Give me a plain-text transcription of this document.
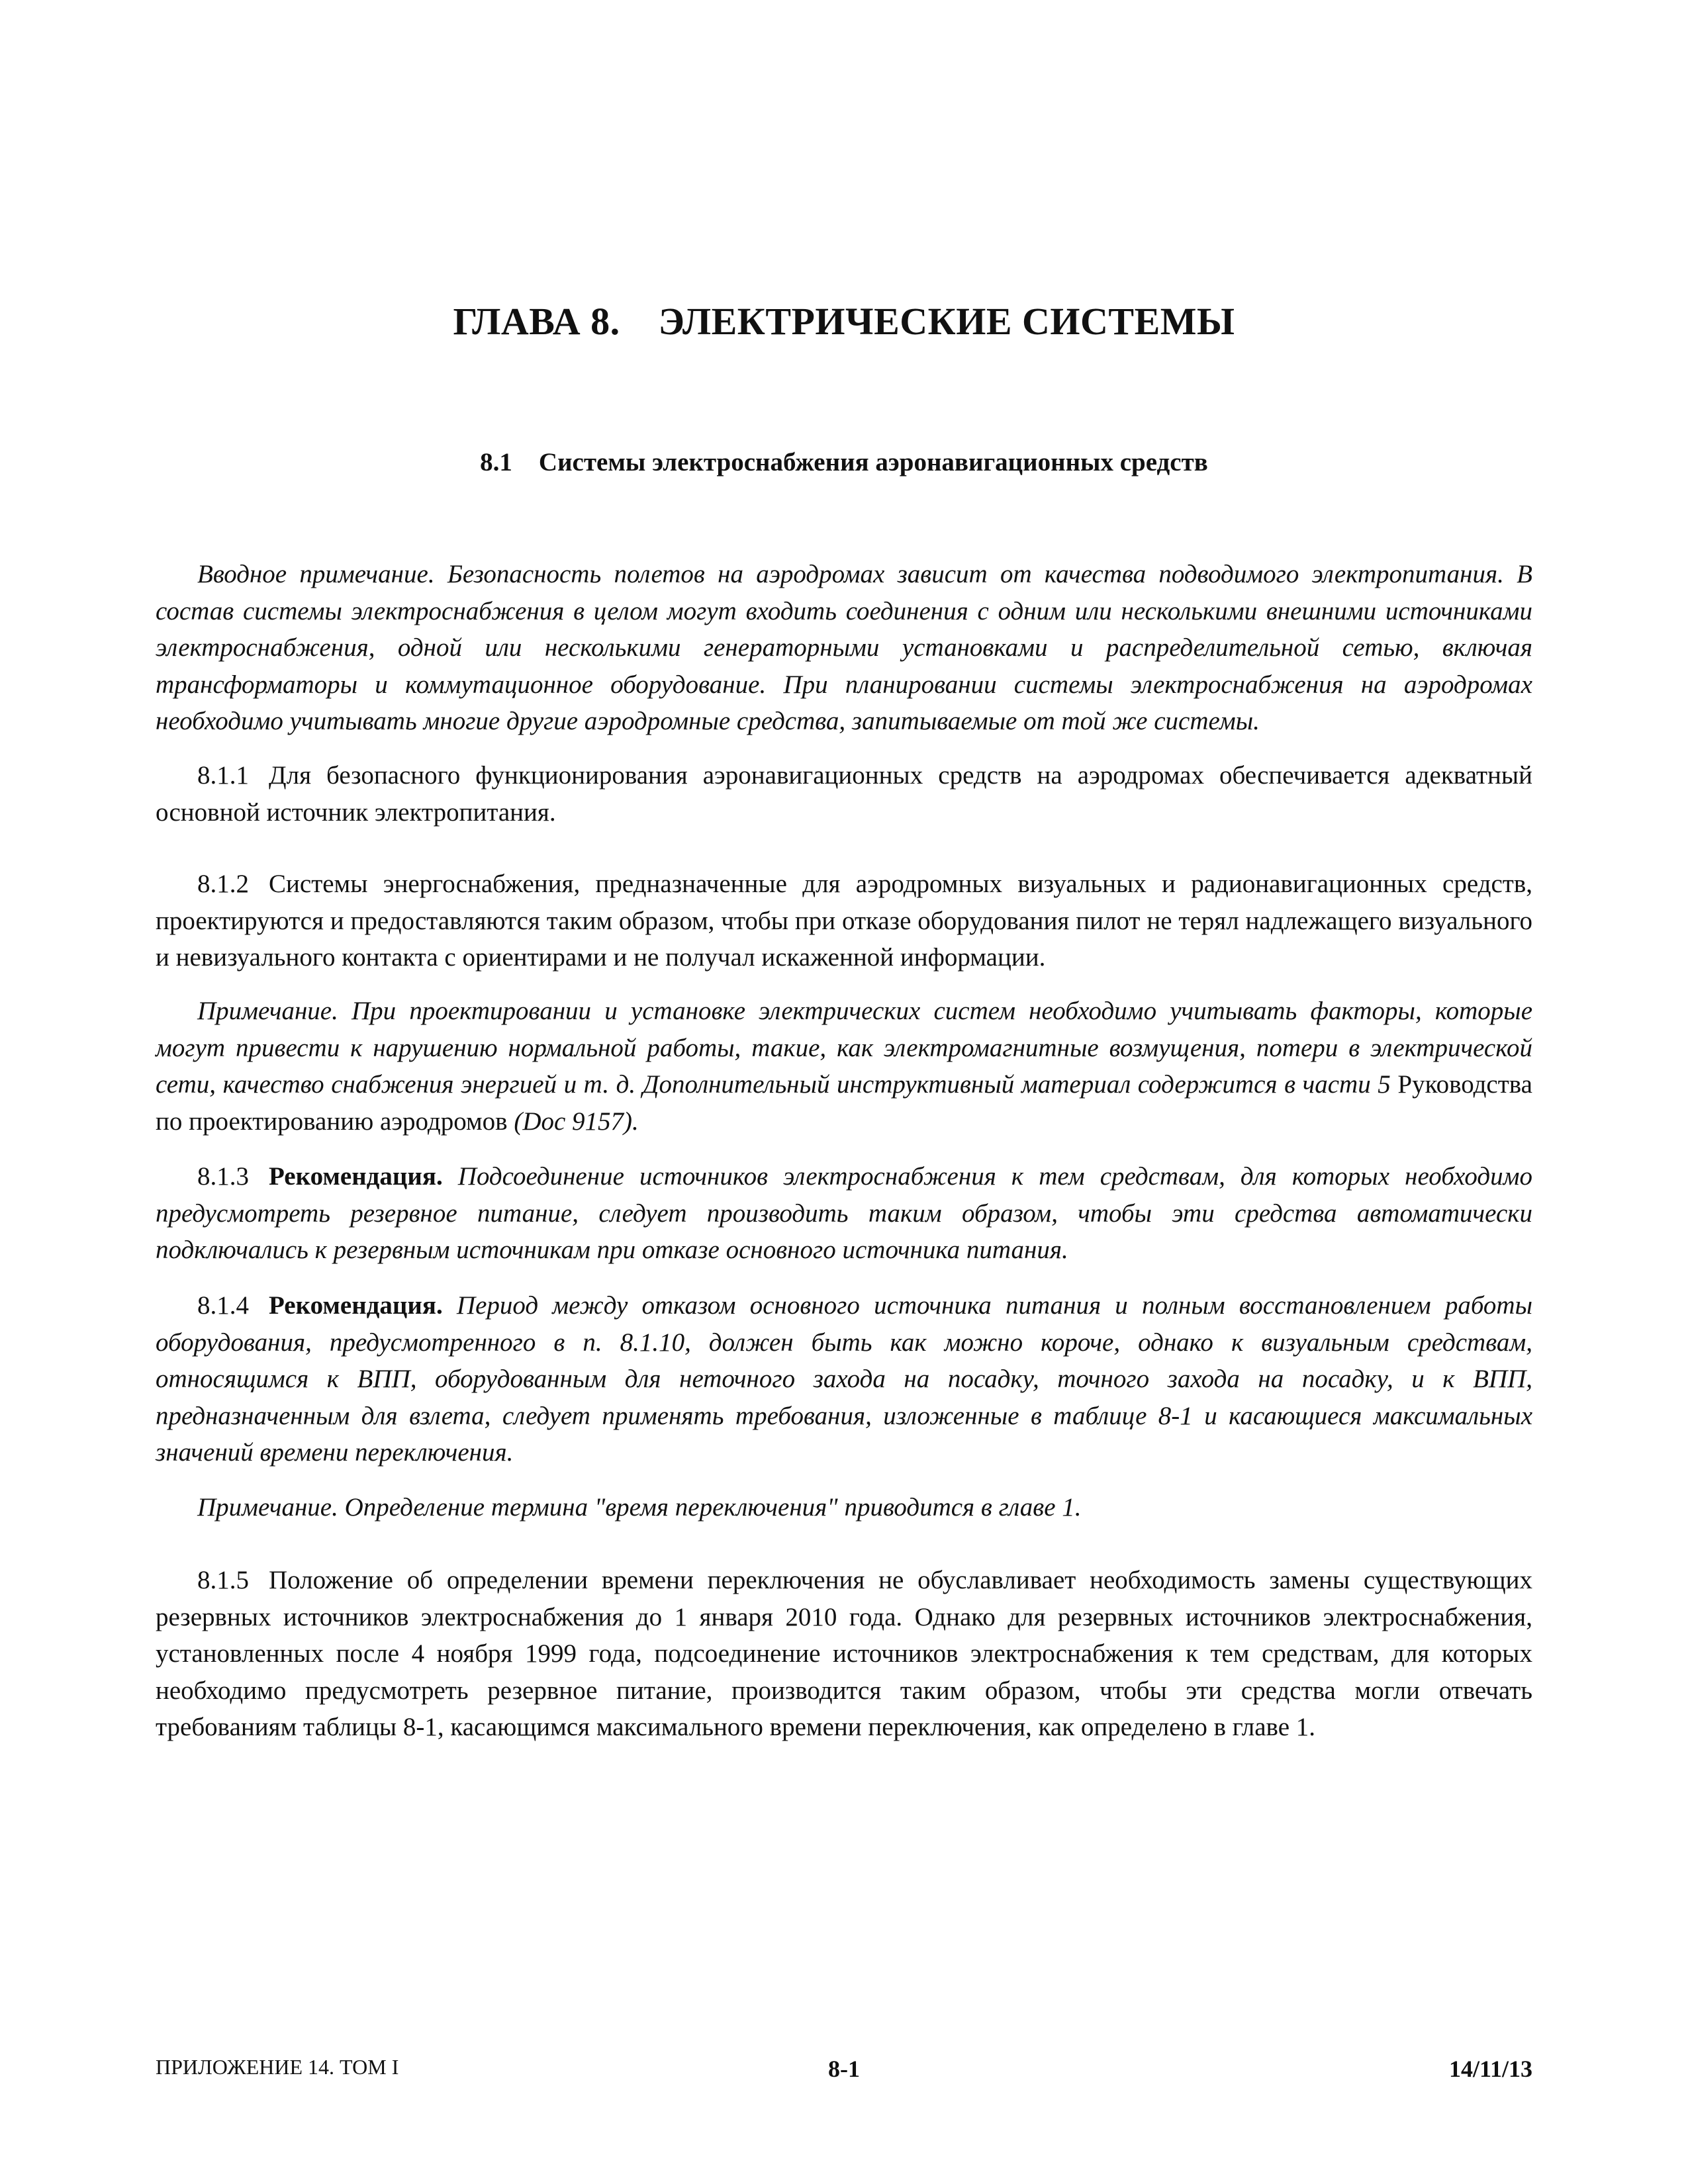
ГЛАВА 8. ЭЛЕКТРИЧЕСКИЕ СИСТЕМЫ
8.1 Системы электроснабжения аэронавигационных средств

Вводное примечание. Безопасность полетов на аэродромах зависит от качества подводимого электропитания. В состав системы электроснабжения в целом могут входить соединения с одним или несколькими внешними источниками электроснабжения, одной или несколькими генераторными установками и распределительной сетью, включая трансформаторы и коммутационное оборудование. При планировании системы электроснабжения на аэродромах необходимо учитывать многие другие аэродромные средства, запитываемые от той же системы.

8.1.1 Для безопасного функционирования аэронавигационных средств на аэродромах обеспечивается адекватный основной источник электропитания.

8.1.2 Системы энергоснабжения, предназначенные для аэродромных визуальных и радионавигационных средств, проектируются и предоставляются таким образом, чтобы при отказе оборудования пилот не терял надлежащего визуального и невизуального контакта с ориентирами и не получал искаженной информации.

Примечание. При проектировании и установке электрических систем необходимо учитывать факторы, которые могут привести к нарушению нормальной работы, такие, как электромагнитные возмущения, потери в электрической сети, качество снабжения энергией и т. д. Дополнительный инструктивный материал содержится в части 5 Руководства по проектированию аэродромов (Doc 9157).

8.1.3 Рекомендация. Подсоединение источников электроснабжения к тем средствам, для которых необходимо предусмотреть резервное питание, следует производить таким образом, чтобы эти средства автоматически подключались к резервным источникам при отказе основного источника питания.

8.1.4 Рекомендация. Период между отказом основного источника питания и полным восстановлением работы оборудования, предусмотренного в п. 8.1.10, должен быть как можно короче, однако к визуальным средствам, относящимся к ВПП, оборудованным для неточного захода на посадку, точного захода на посадку, и к ВПП, предназначенным для взлета, следует применять требования, изложенные в таблице 8-1 и касающиеся максимальных значений времени переключения.

Примечание. Определение термина "время переключения" приводится в главе 1.

8.1.5 Положение об определении времени переключения не обуславливает необходимость замены существующих резервных источников электроснабжения до 1 января 2010 года. Однако для резервных источников электроснабжения, установленных после 4 ноября 1999 года, подсоединение источников электроснабжения к тем средствам, для которых необходимо предусмотреть резервное питание, производится таким образом, чтобы эти средства могли отвечать требованиям таблицы 8-1, касающимся максимального времени переключения, как определено в главе 1.

ПРИЛОЖЕНИЕ 14. ТОМ I	8-1	14/11/13
